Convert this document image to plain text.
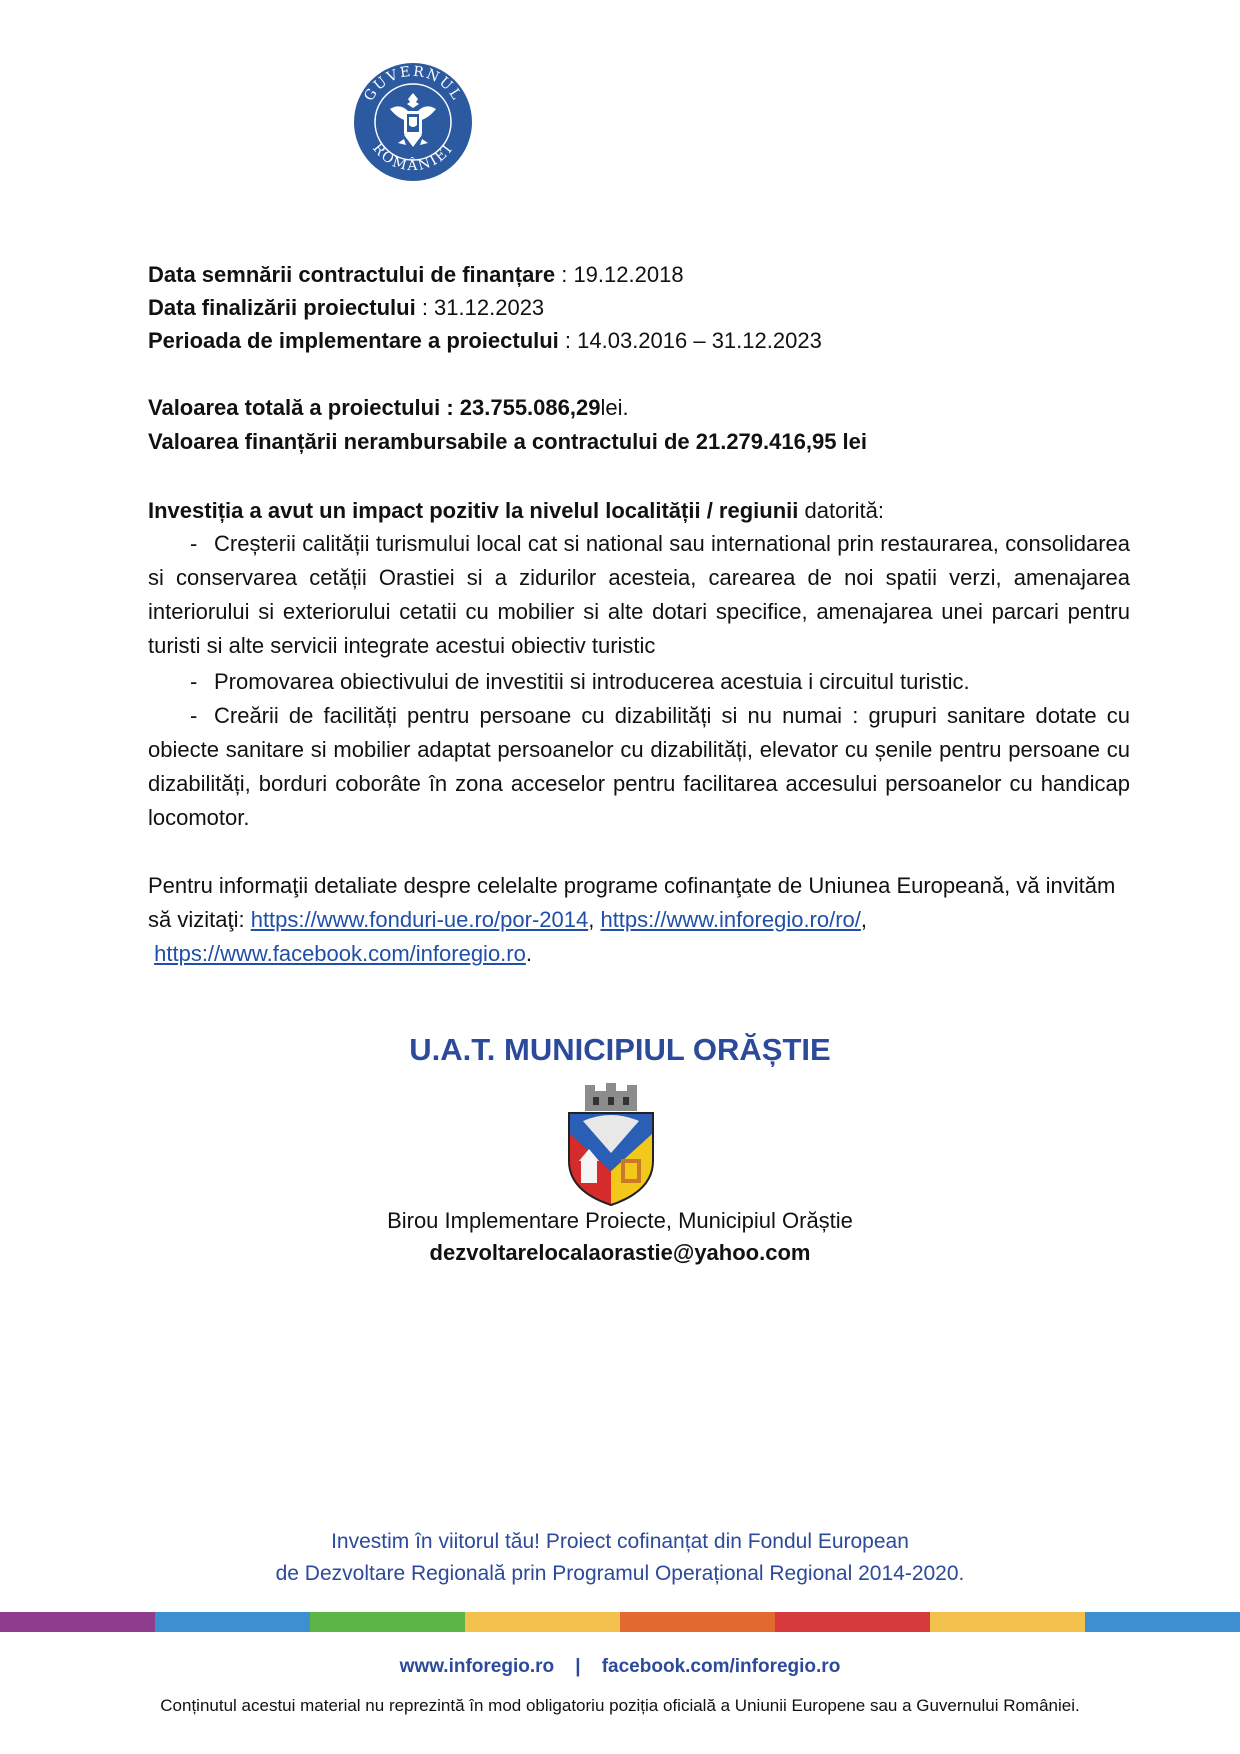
GUVERNUL
ROMÂNIEI
Data semnării contractului de finanțare : 19.12.2018
Data finalizării proiectului : 31.12.2023
Perioada de implementare a proiectului : 14.03.2016 – 31.12.2023
Valoarea totală a proiectului : 23.755.086,29lei.
Valoarea finanțării nerambursabile a contractului de 21.279.416,95 lei
Investiția a avut un impact pozitiv la nivelul localității / regiunii datorită:
- Creșterii calității turismului local cat si national sau international prin restaurarea, consolidarea si conservarea cetății Orastiei si a zidurilor acesteia, carearea de noi spatii verzi, amenajarea interiorului si exteriorului cetatii cu mobilier si alte dotari specifice, amenajarea unei parcari pentru turisti si alte servicii integrate acestui obiectiv turistic
- Promovarea obiectivului de investitii si introducerea acestuia i circuitul turistic.
- Creării de facilități pentru persoane cu dizabilități si nu numai : grupuri sanitare dotate cu obiecte sanitare si mobilier adaptat persoanelor cu dizabilități, elevator cu șenile pentru persoane cu dizabilități, borduri coborâte în zona acceselor pentru facilitarea accesului persoanelor cu handicap locomotor.
Pentru informaţii detaliate despre celelalte programe cofinanţate de Uniunea Europeană, vă invităm să vizitaţi: https://www.fonduri-ue.ro/por-2014, https://www.inforegio.ro/ro/,
https://www.facebook.com/inforegio.ro.
U.A.T. MUNICIPIUL ORĂȘTIE
Birou Implementare Proiecte, Municipiul Orăștie
dezvoltarelocalaorastie@yahoo.com
Investim în viitorul tău! Proiect cofinanțat din Fondul European
de Dezvoltare Regională prin Programul Operațional Regional 2014-2020.
www.inforegio.ro | facebook.com/inforegio.ro
Conținutul acestui material nu reprezintă în mod obligatoriu poziția oficială a Uniunii Europene sau a Guvernului României.
